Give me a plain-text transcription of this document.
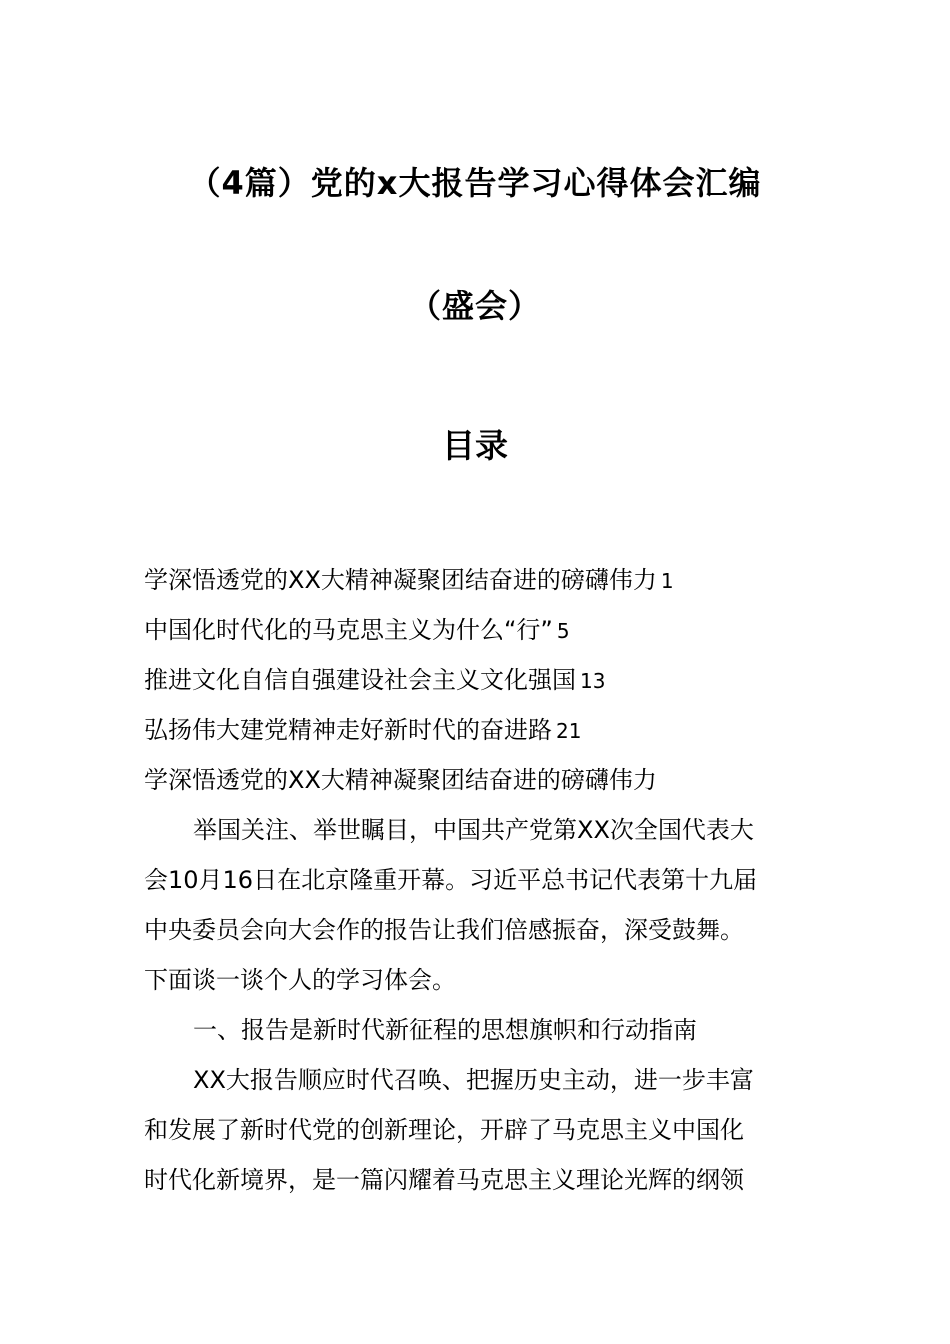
（4篇）党的x大报告学习心得体会汇编
（盛会）
目录
学深悟透党的XX大精神凝聚团结奋进的磅礴伟力 1
中国化时代化的马克思主义为什么“行” 5
推进文化自信自强建设社会主义文化强国 13
弘扬伟大建党精神走好新时代的奋进路 21
学深悟透党的XX大精神凝聚团结奋进的磅礴伟力
举国关注、举世瞩目，中国共产党第XX次全国代表大
会10月16日在北京隆重开幕。习近平总书记代表第十九届
中央委员会向大会作的报告让我们倍感振奋，深受鼓舞。
下面谈一谈个人的学习体会。
一、报告是新时代新征程的思想旗帜和行动指南
XX大报告顺应时代召唤、把握历史主动，进一步丰富
和发展了新时代党的创新理论，开辟了马克思主义中国化
时代化新境界，是一篇闪耀着马克思主义理论光辉的纲领
